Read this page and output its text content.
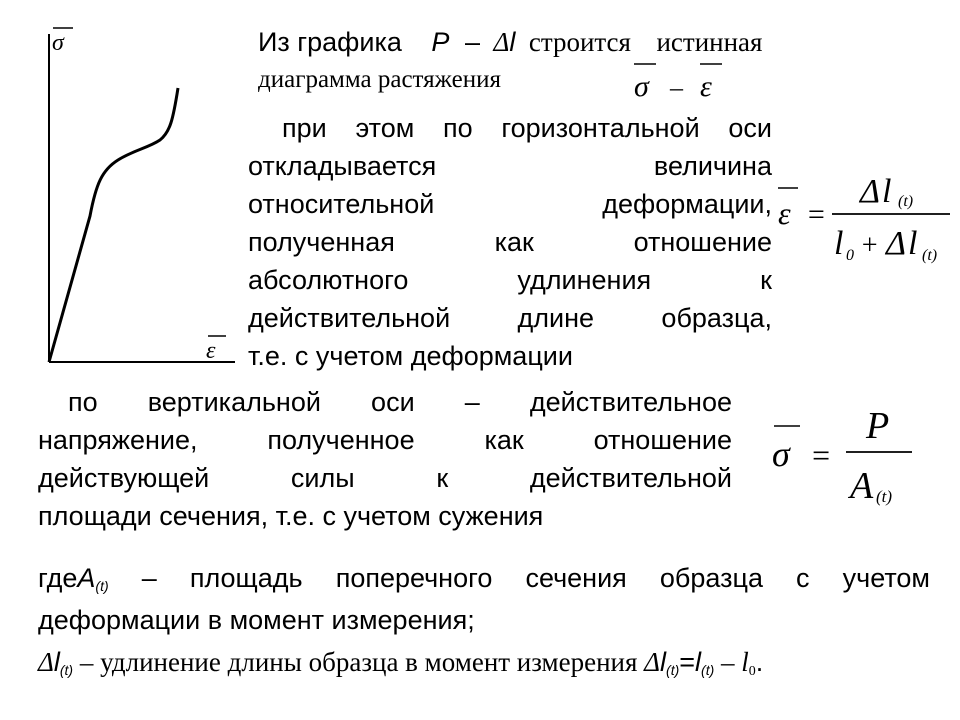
σ
ε
Из графика P – Δl строится истинная
диаграмма растяжения	σ – ε
при этом по горизонтальной оси
откладывается величина
относительной деформации,
полученная как отношение
абсолютного удлинения к
действительной длине образца,
т.е. с учетом деформации
ε =
Δ l (t)
l 0 + Δ l (t)
по вертикальной оси – действительное
напряжение, полученное как отношение
действующей силы к действительной
площади сечения, т.е. с учетом сужения
σ =
P
A (t)
гдеA$_{(t)}$ – площадь поперечного сечения образца с учетом
деформации в момент измерения;
$\Delta l_{(t)}$ – удлинение длины образца в момент измерения $\Delta l_{(t)}=l_{(t)} - l_0$.
